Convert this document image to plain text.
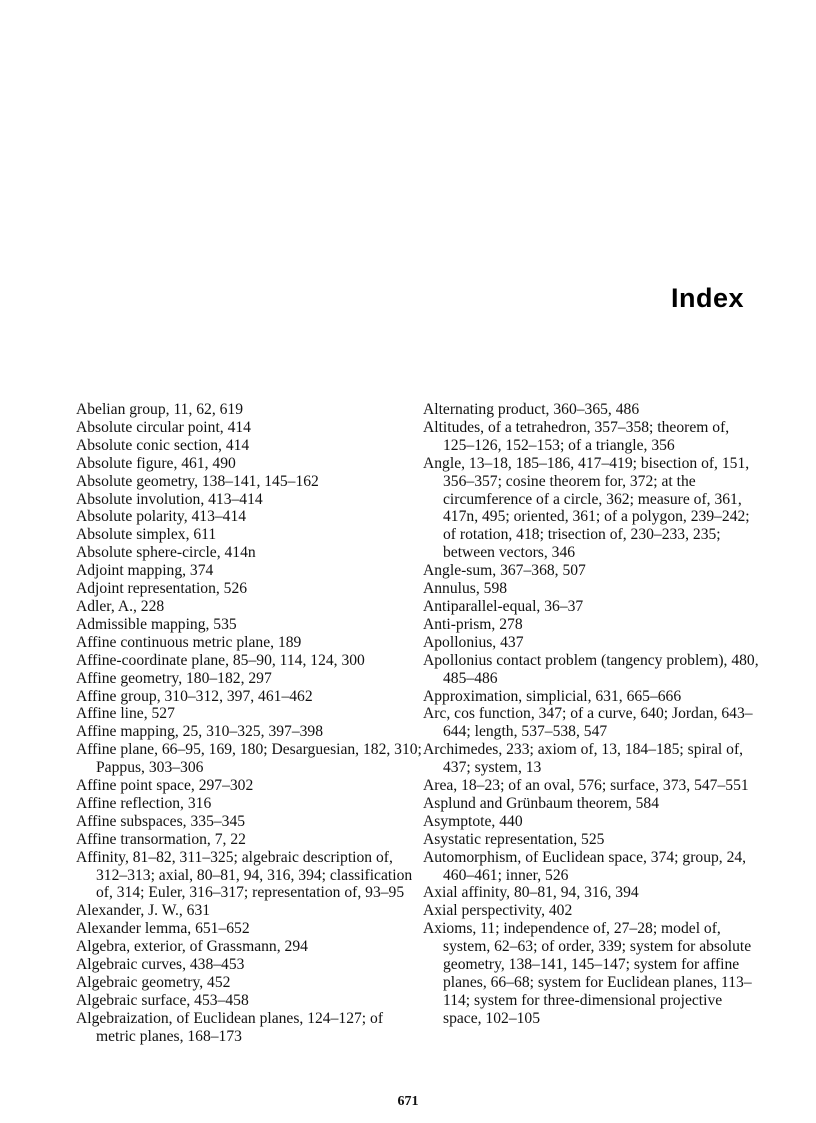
Index

Abelian group, 11, 62, 619

Absolute circular point, 414

Absolute conic section, 414

Absolute figure, 461, 490

Absolute geometry, 138–141, 145–162

Absolute involution, 413–414

Absolute polarity, 413–414

Absolute simplex, 611

Absolute sphere-circle, 414n

Adjoint mapping, 374

Adjoint representation, 526

Adler, A., 228

Admissible mapping, 535

Affine continuous metric plane, 189

Affine-coordinate plane, 85–90, 114, 124, 300

Affine geometry, 180–182, 297

Affine group, 310–312, 397, 461–462

Affine line, 527

Affine mapping, 25, 310–325, 397–398

Affine plane, 66–95, 169, 180; Desarguesian, 182, 310; Pappus, 303–306

Affine point space, 297–302

Affine reflection, 316

Affine subspaces, 335–345

Affine transormation, 7, 22

Affinity, 81–82, 311–325; algebraic description of, 312–313; axial, 80–81, 94, 316, 394; classification of, 314; Euler, 316–317; representation of, 93–95

Alexander, J. W., 631

Alexander lemma, 651–652

Algebra, exterior, of Grassmann, 294

Algebraic curves, 438–453

Algebraic geometry, 452

Algebraic surface, 453–458

Algebraization, of Euclidean planes, 124–127; of metric planes, 168–173

Alternating product, 360–365, 486

Altitudes, of a tetrahedron, 357–358; theorem of, 125–126, 152–153; of a triangle, 356

Angle, 13–18, 185–186, 417–419; bisection of, 151, 356–357; cosine theorem for, 372; at the circumference of a circle, 362; measure of, 361, 417n, 495; oriented, 361; of a polygon, 239–242; of rotation, 418; trisection of, 230–233, 235; between vectors, 346

Angle-sum, 367–368, 507

Annulus, 598

Antiparallel-equal, 36–37

Anti-prism, 278

Apollonius, 437

Apollonius contact problem (tangency problem), 480, 485–486

Approximation, simplicial, 631, 665–666

Arc, cos function, 347; of a curve, 640; Jordan, 643–644; length, 537–538, 547

Archimedes, 233; axiom of, 13, 184–185; spiral of, 437; system, 13

Area, 18–23; of an oval, 576; surface, 373, 547–551

Asplund and Grünbaum theorem, 584

Asymptote, 440

Asystatic representation, 525

Automorphism, of Euclidean space, 374; group, 24, 460–461; inner, 526

Axial affinity, 80–81, 94, 316, 394

Axial perspectivity, 402

Axioms, 11; independence of, 27–28; model of, system, 62–63; of order, 339; system for absolute geometry, 138–141, 145–147; system for affine planes, 66–68; system for Euclidean planes, 113–114; system for three-dimensional projective space, 102–105

671
